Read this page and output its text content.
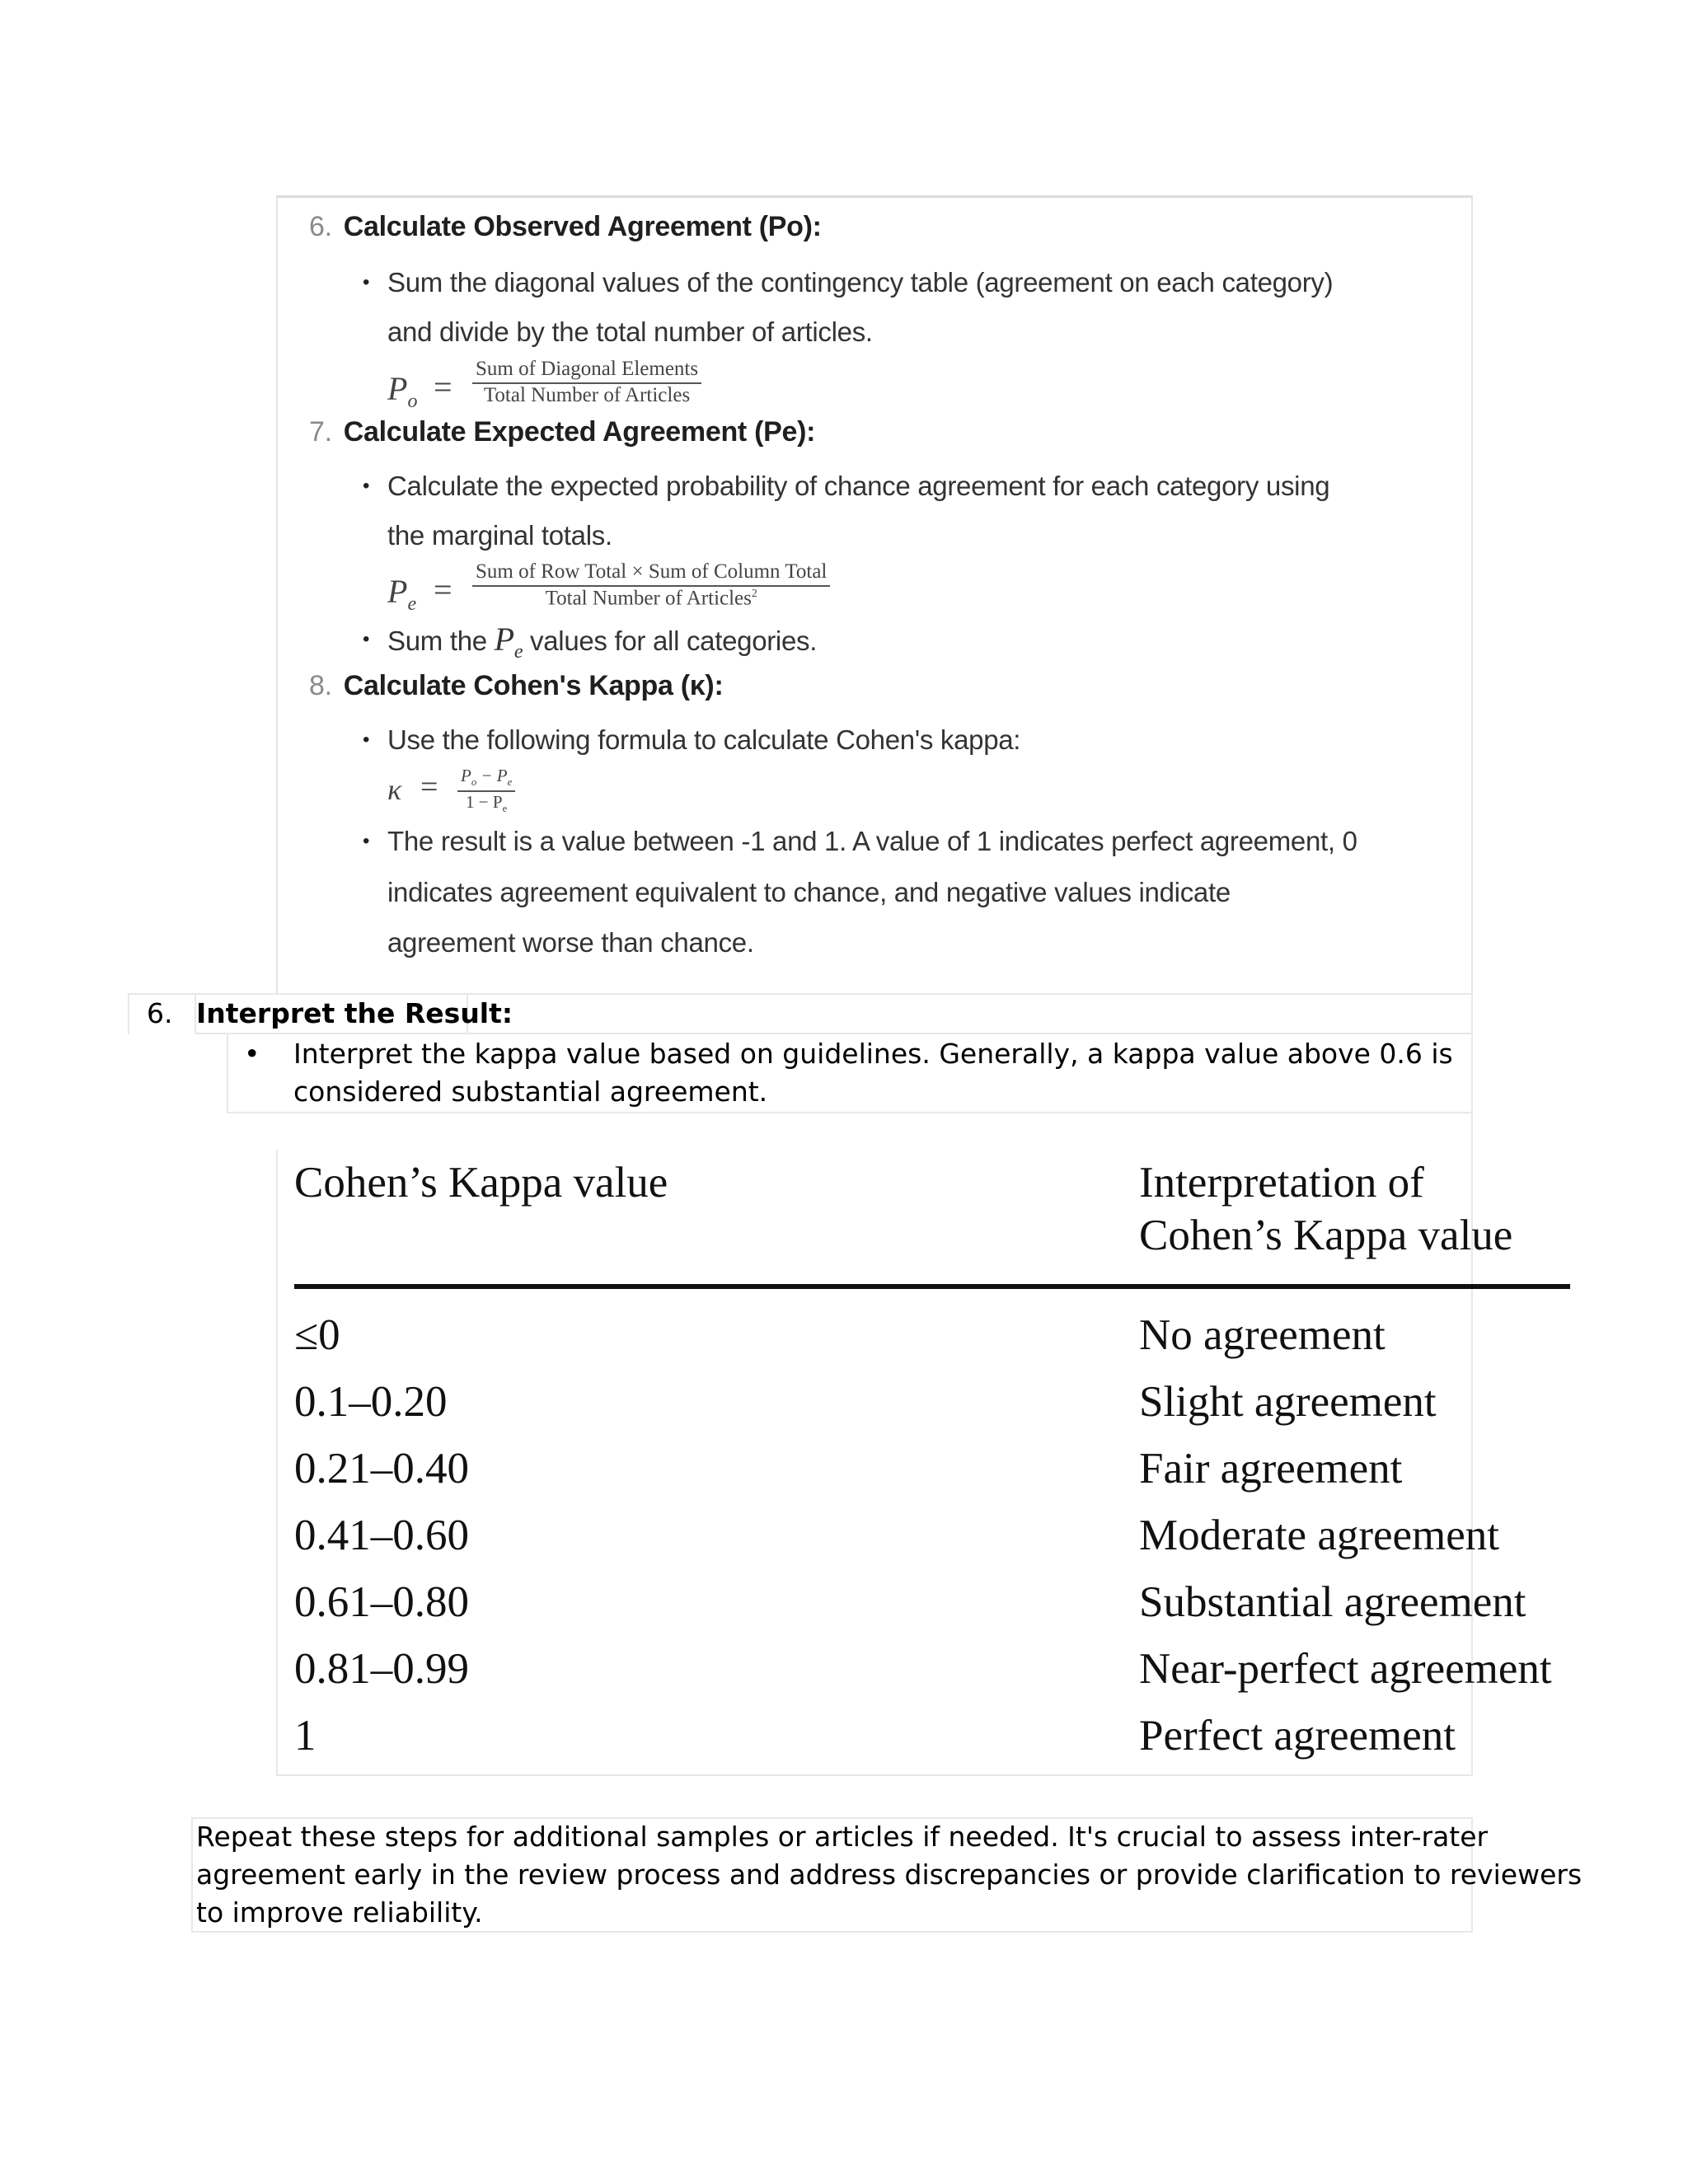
6. Calculate Observed Agreement (Po):
• Sum the diagonal values of the contingency table (agreement on each category)
and divide by the total number of articles.
$P_o$ = Sum of Diagonal Elements
Total Number of Articles
7. Calculate Expected Agreement (Pe):
• Calculate the expected probability of chance agreement for each category using
the marginal totals.
$P_e$ = Sum of Row Total × Sum of Column Total
Total Number of Articles$^2$
• Sum the $P_e$ values for all categories.
8. Calculate Cohen's Kappa (κ):
• Use the following formula to calculate Cohen's kappa:
$\kappa = \frac{P_o - P_e}{1 - P_e}$
• The result is a value between -1 and 1. A value of 1 indicates perfect agreement, 0
indicates agreement equivalent to chance, and negative values indicate
agreement worse than chance.
6. Interpret the Result:
• Interpret the kappa value based on guidelines. Generally, a kappa value above 0.6 is
considered substantial agreement.
Cohen’s Kappa value	Interpretation of
Cohen’s Kappa value
≤0	No agreement
0.1–0.20	Slight agreement
0.21–0.40	Fair agreement
0.41–0.60	Moderate agreement
0.61–0.80	Substantial agreement
0.81–0.99	Near-perfect agreement
1	Perfect agreement
Repeat these steps for additional samples or articles if needed. It's crucial to assess inter-rater
agreement early in the review process and address discrepancies or provide clarification to reviewers
to improve reliability.
